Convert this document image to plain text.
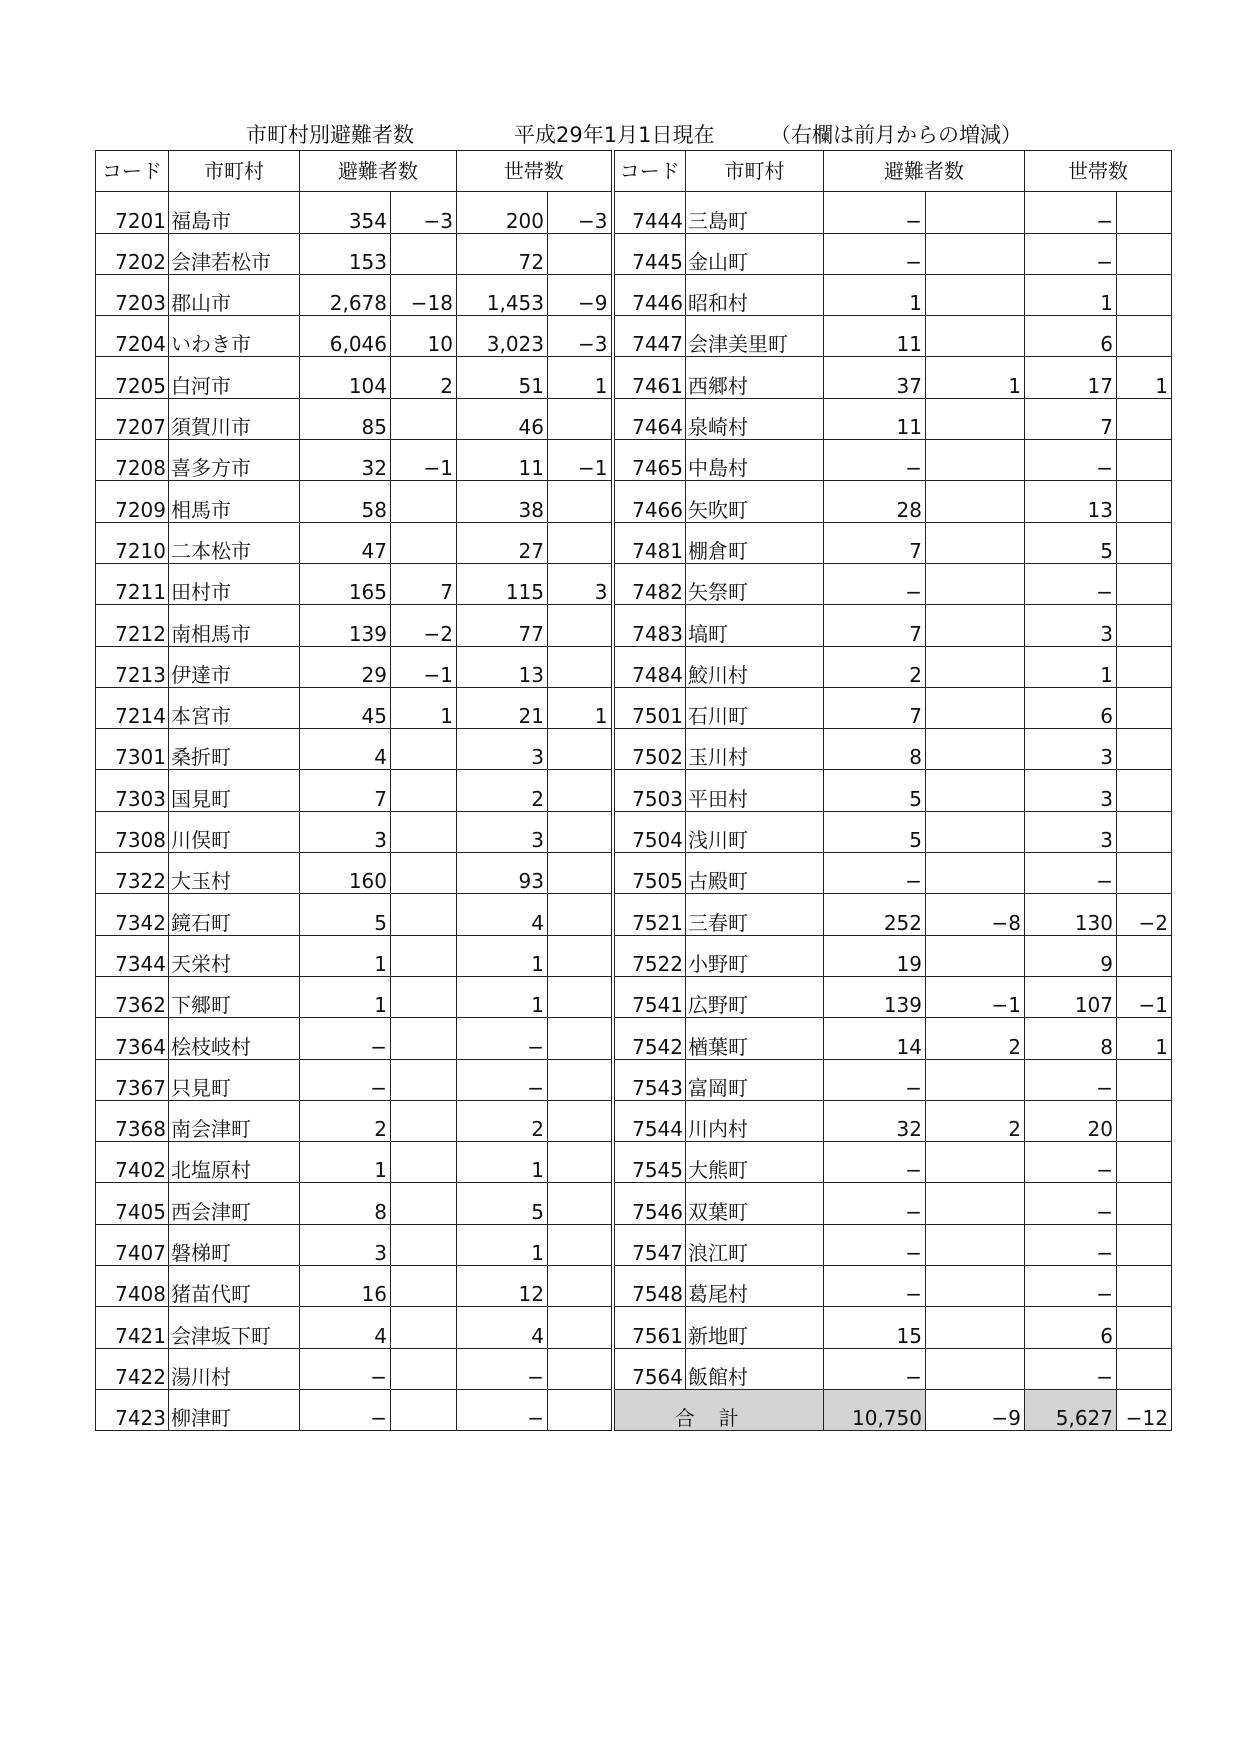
市町村別避難者数	平成29年1月1日現在	（右欄は前月からの増減）
コード	市町村	避難者数		世帯数		コード	市町村	避難者数		世帯数	
7201	福島市	354	−3	200	−3	7444	三島町	−		−	
7202	会津若松市	153		72		7445	金山町	−		−	
7203	郡山市	2,678	−18	1,453	−9	7446	昭和村	1		1	
7204	いわき市	6,046	10	3,023	−3	7447	会津美里町	11		6	
7205	白河市	104	2	51	1	7461	西郷村	37	1	17	1
7207	須賀川市	85		46		7464	泉崎村	11		7	
7208	喜多方市	32	−1	11	−1	7465	中島村	−		−	
7209	相馬市	58		38		7466	矢吹町	28		13	
7210	二本松市	47		27		7481	棚倉町	7		5	
7211	田村市	165	7	115	3	7482	矢祭町	−		−	
7212	南相馬市	139	−2	77		7483	塙町	7		3	
7213	伊達市	29	−1	13		7484	鮫川村	2		1	
7214	本宮市	45	1	21	1	7501	石川町	7		6	
7301	桑折町	4		3		7502	玉川村	8		3	
7303	国見町	7		2		7503	平田村	5		3	
7308	川俣町	3		3		7504	浅川町	5		3	
7322	大玉村	160		93		7505	古殿町	−		−	
7342	鏡石町	5		4		7521	三春町	252	−8	130	−2
7344	天栄村	1		1		7522	小野町	19		9	
7362	下郷町	1		1		7541	広野町	139	−1	107	−1
7364	桧枝岐村	−		−		7542	楢葉町	14	2	8	1
7367	只見町	−		−		7543	富岡町	−		−	
7368	南会津町	2		2		7544	川内村	32	2	20	
7402	北塩原村	1		1		7545	大熊町	−		−	
7405	西会津町	8		5		7546	双葉町	−		−	
7407	磐梯町	3		1		7547	浪江町	−		−	
7408	猪苗代町	16		12		7548	葛尾村	−		−	
7421	会津坂下町	4		4		7561	新地町	15		6	
7422	湯川村	−		−		7564	飯館村	−		−	
7423	柳津町	−		−		合計		10,750	−9	5,627	−12
